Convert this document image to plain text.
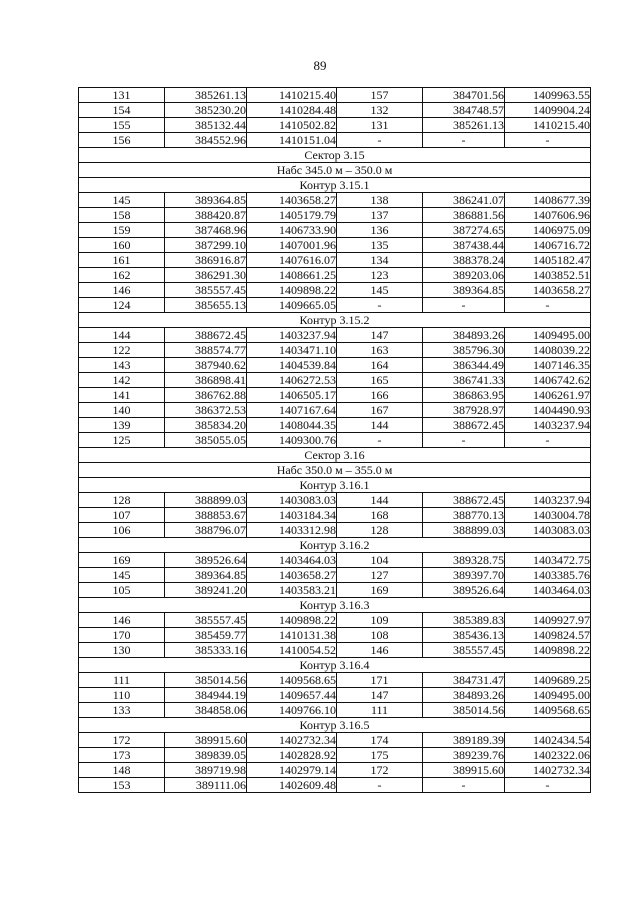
89
131	385261.13	1410215.40	157	384701.56	1409963.55
154	385230.20	1410284.48	132	384748.57	1409904.24
155	385132.44	1410502.82	131	385261.13	1410215.40
156	384552.96	1410151.04	-	-	-
Сектор 3.15					
Набс 345.0 м – 350.0 м					
Контур 3.15.1					
145	389364.85	1403658.27	138	386241.07	1408677.39
158	388420.87	1405179.79	137	386881.56	1407606.96
159	387468.96	1406733.90	136	387274.65	1406975.09
160	387299.10	1407001.96	135	387438.44	1406716.72
161	386916.87	1407616.07	134	388378.24	1405182.47
162	386291.30	1408661.25	123	389203.06	1403852.51
146	385557.45	1409898.22	145	389364.85	1403658.27
124	385655.13	1409665.05	-	-	-
Контур 3.15.2					
144	388672.45	1403237.94	147	384893.26	1409495.00
122	388574.77	1403471.10	163	385796.30	1408039.22
143	387940.62	1404539.84	164	386344.49	1407146.35
142	386898.41	1406272.53	165	386741.33	1406742.62
141	386762.88	1406505.17	166	386863.95	1406261.97
140	386372.53	1407167.64	167	387928.97	1404490.93
139	385834.20	1408044.35	144	388672.45	1403237.94
125	385055.05	1409300.76	-	-	-
Сектор 3.16					
Набс 350.0 м – 355.0 м					
Контур 3.16.1					
128	388899.03	1403083.03	144	388672.45	1403237.94
107	388853.67	1403184.34	168	388770.13	1403004.78
106	388796.07	1403312.98	128	388899.03	1403083.03
Контур 3.16.2					
169	389526.64	1403464.03	104	389328.75	1403472.75
145	389364.85	1403658.27	127	389397.70	1403385.76
105	389241.20	1403583.21	169	389526.64	1403464.03
Контур 3.16.3					
146	385557.45	1409898.22	109	385389.83	1409927.97
170	385459.77	1410131.38	108	385436.13	1409824.57
130	385333.16	1410054.52	146	385557.45	1409898.22
Контур 3.16.4					
111	385014.56	1409568.65	171	384731.47	1409689.25
110	384944.19	1409657.44	147	384893.26	1409495.00
133	384858.06	1409766.10	111	385014.56	1409568.65
Контур 3.16.5					
172	389915.60	1402732.34	174	389189.39	1402434.54
173	389839.05	1402828.92	175	389239.76	1402322.06
148	389719.98	1402979.14	172	389915.60	1402732.34
153	389111.06	1402609.48	-	-	-
